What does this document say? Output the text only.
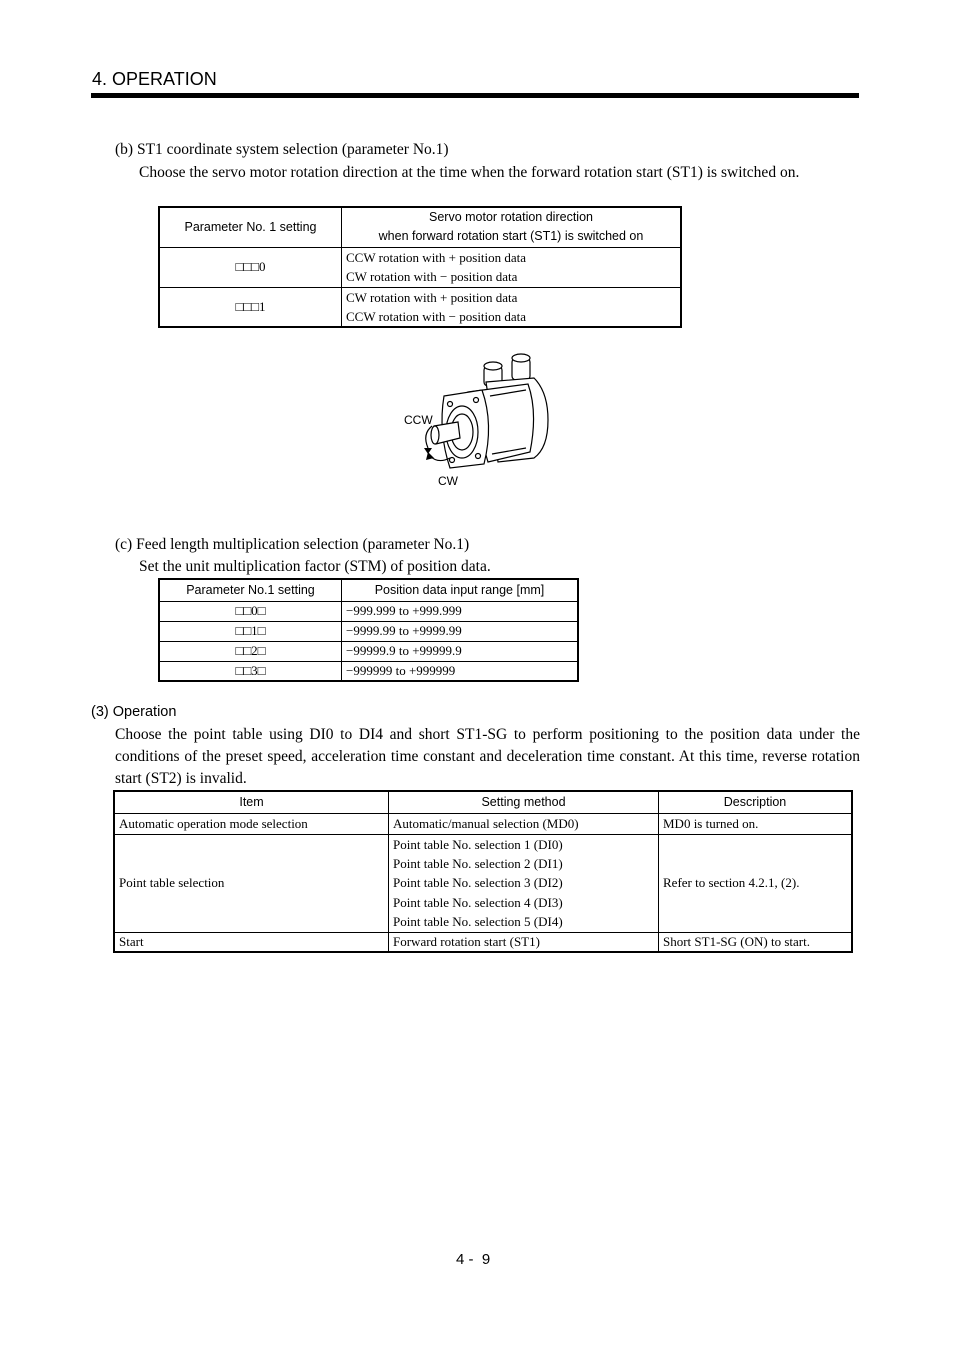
4. OPERATION
(b) ST1 coordinate system selection (parameter No.1)
Choose the servo motor rotation direction at the time when the forward rotation start (ST1) is switched on.
Parameter No. 1 setting	Servo motor rotation direction
when forward rotation start (ST1) is switched on

□□□0	CCW rotation with + position data
CW rotation with − position data

□□□1	CW rotation with + position data
CCW rotation with − position data
CCW
CW
(c) Feed length multiplication selection (parameter No.1)
Set the unit multiplication factor (STM) of position data.
Parameter No.1 setting	Position data input range [mm]
□□0□	−999.999 to +999.999
□□1□	−9999.99 to +9999.99
□□2□	−99999.9 to +99999.9
□□3□	−999999 to +999999
(3) Operation
Choose the point table using DI0 to DI4 and short ST1-SG to perform positioning to the position data under the conditions of the preset speed, acceleration time constant and deceleration time constant. At this time, reverse rotation start (ST2) is invalid.
Item	Setting method	Description
Automatic operation mode selection	Automatic/manual selection (MD0)	MD0 is turned on.
Point table selection	Point table No. selection 1 (DI0)
Point table No. selection 2 (DI1)
Point table No. selection 3 (DI2)
Point table No. selection 4 (DI3)
Point table No. selection 5 (DI4)	Refer to section 4.2.1, (2).
Start	Forward rotation start (ST1)	Short ST1-SG (ON) to start.
4 -  9
